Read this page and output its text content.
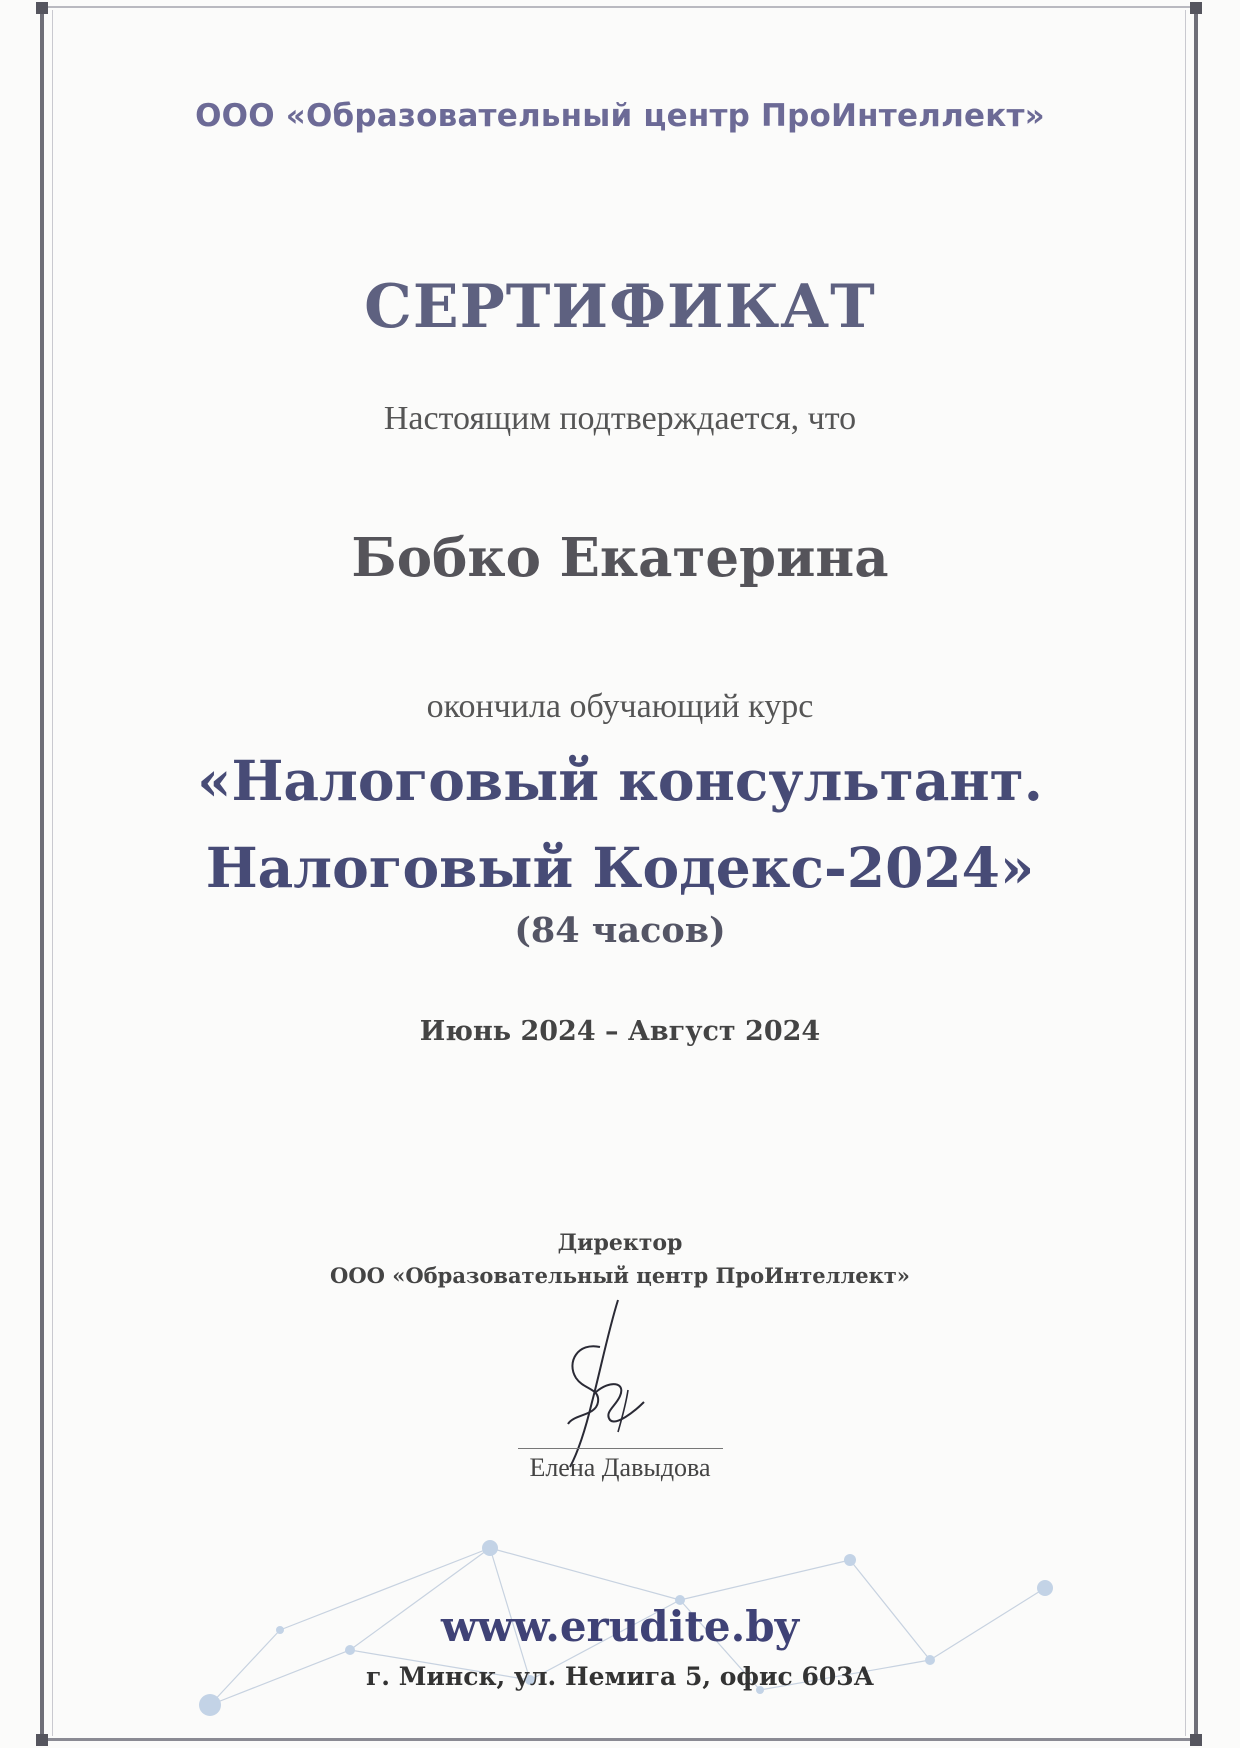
ООО «Образовательный центр ПроИнтеллект»
СЕРТИФИКАТ
Настоящим подтверждается, что
Бобко Екатерина
окончила обучающий курс
«Налоговый консультант.
Налоговый Кодекс-2024»
(84 часов)
Июнь 2024 – Август 2024
Директор
ООО «Образовательный центр ПроИнтеллект»
Елена Давыдова
www.erudite.by
г. Минск, ул. Немига 5, офис 603А
